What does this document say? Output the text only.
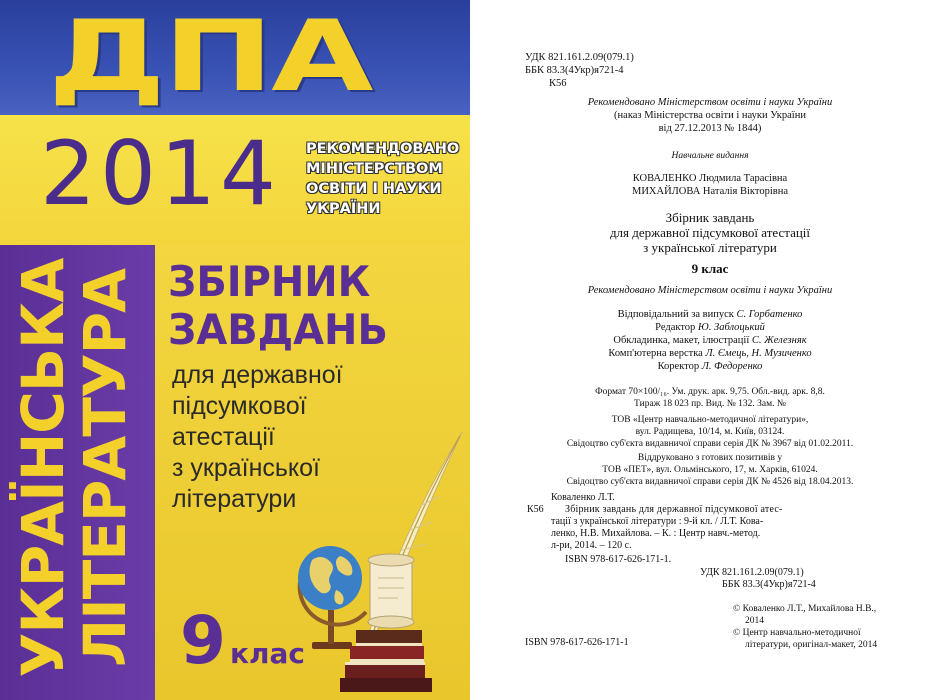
ДПА
2014 РЕКОМЕНДОВАНО
МІНІСТЕРСТВОМ
ОСВІТИ І НАУКИ
УКРАЇНИ
УКРАЇНСЬКА
ЛІТЕРАТУРА ЗБІРНИК
ЗАВДАНЬ
для державної
підсумкової
атестації
з української
літератури
9 клас
УДК 821.161.2.09(079.1)
ББК 83.3(4Укр)я721-4
К56
Рекомендовано Міністерством освіти і науки України
(наказ Міністерства освіти і науки України
від 27.12.2013 № 1844)
Навчальне видання
КОВАЛЕНКО Людмила Тарасівна
МИХАЙЛОВА Наталія Вікторівна
Збірник завдань
для державної підсумкової атестації
з української літератури
9 клас
Рекомендовано Міністерством освіти і науки України
Відповідальний за випуск С. Горбатенко
Редактор Ю. Заблоцький
Обкладинка, макет, ілюстрації С. Железняк
Комп'ютерна верстка Л. Ємець, Н. Музиченко
Коректор Л. Федоренко
Формат 70×100/₁₆. Ум. друк. арк. 9,75. Обл.-вид. арк. 8,8.
Тираж 18 023 пр. Вид. № 132. Зам. №
ТОВ «Центр навчально-методичної літератури»,
вул. Радищева, 10/14, м. Київ, 03124.
Свідоцтво суб'єкта видавничої справи серія ДК № 3967 від 01.02.2011.
Віддруковано з готових позитивів у
ТОВ «ПЕТ», вул. Ольмінського, 17, м. Харків, 61024.
Свідоцтво суб'єкта видавничої справи серія ДК № 4526 від 18.04.2013.
Коваленко Л.Т.
К56 Збірник завдань для державної підсумкової атес-
тації з української літератури : 9-й кл. / Л.Т. Кова-
ленко, Н.В. Михайлова. – К. : Центр навч.-метод.
л-ри, 2014. – 120 с.
ISBN 978-617-626-171-1.
УДК 821.161.2.09(079.1)
ББК 83.3(4Укр)я721-4
© Коваленко Л.Т., Михайлова Н.В.,
2014
© Центр навчально-методичної
літератури, оригінал-макет, 2014
ISBN 978-617-626-171-1
